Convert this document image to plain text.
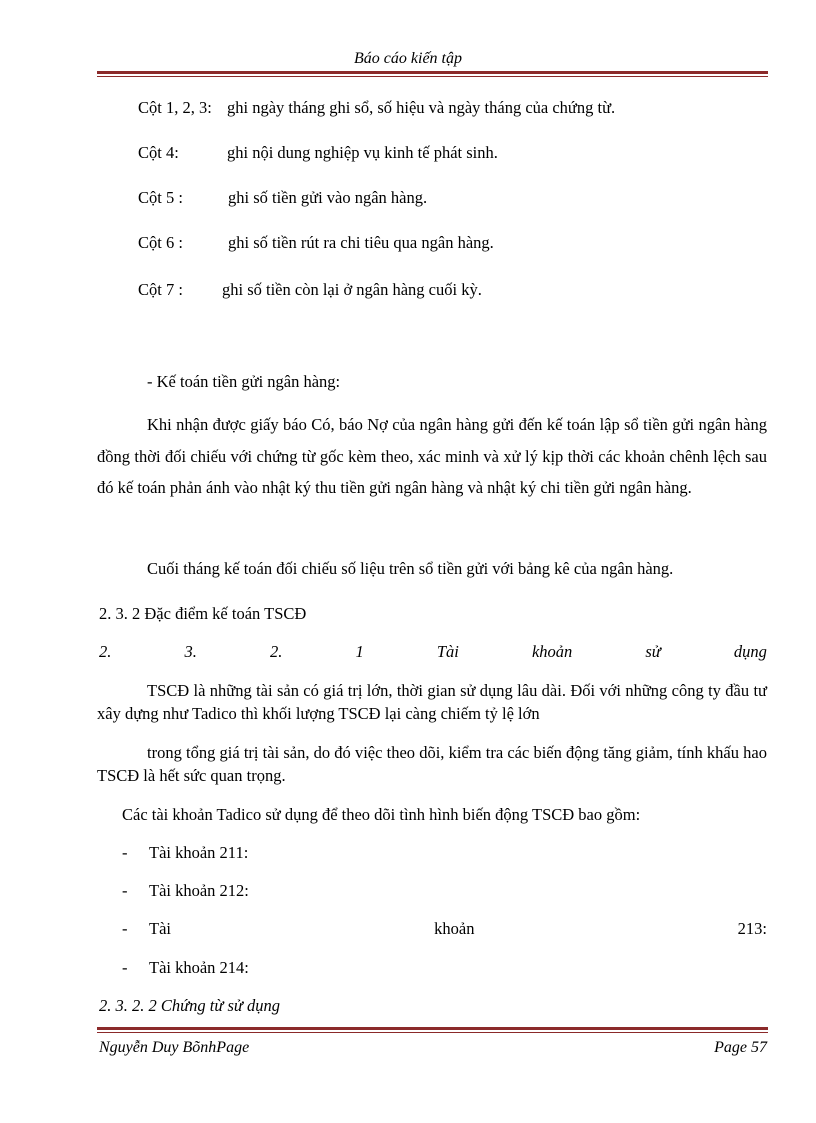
Báo cáo kiến tập
Cột 1, 2, 3: ghi ngày tháng ghi sổ, số hiệu và ngày tháng của chứng từ.
Cột 4:	ghi nội dung nghiệp vụ kinh tế phát sinh.
Cột 5 :	ghi số tiền gửi vào ngân hàng.
Cột 6 :	ghi số tiền rút ra chi tiêu qua ngân hàng.
Cột 7 : ghi số tiền còn lại ở ngân hàng cuối kỳ.
- Kế toán tiền gửi ngân hàng:
Khi nhận được giấy báo Có, báo Nợ của ngân hàng gửi đến kế toán lập sổ tiền gửi ngân hàng đồng thời đối chiếu với chứng từ gốc kèm theo, xác minh và xử lý kịp thời các khoản chênh lệch sau đó kế toán phản ánh vào nhật ký thu tiền gửi ngân hàng và nhật ký chi tiền gửi ngân hàng.
Cuối tháng kế toán đối chiếu số liệu trên sổ tiền gửi với bảng kê của ngân hàng.
2. 3. 2 Đặc điểm kế toán TSCĐ
2.	3.	2.	1	Tài	khoản	sử	dụng
TSCĐ là những tài sản có giá trị lớn, thời gian sử dụng lâu dài. Đối với những công ty đầu tư xây dựng như Tadico thì khối lượng TSCĐ lại càng chiếm tỷ lệ lớn
trong tổng giá trị tài sản, do đó việc theo dõi, kiểm tra các biến động tăng giảm, tính khấu hao TSCĐ là hết sức quan trọng.
Các tài khoản Tadico sử dụng để theo dõi tình hình biến động TSCĐ bao gồm:
- Tài khoản 211:
- Tài khoản 212:
- Tài	khoản	213:
- Tài khoản 214:
2. 3. 2. 2 Chứng từ sử dụng
Nguyễn Duy BõnhPage	Page 57
